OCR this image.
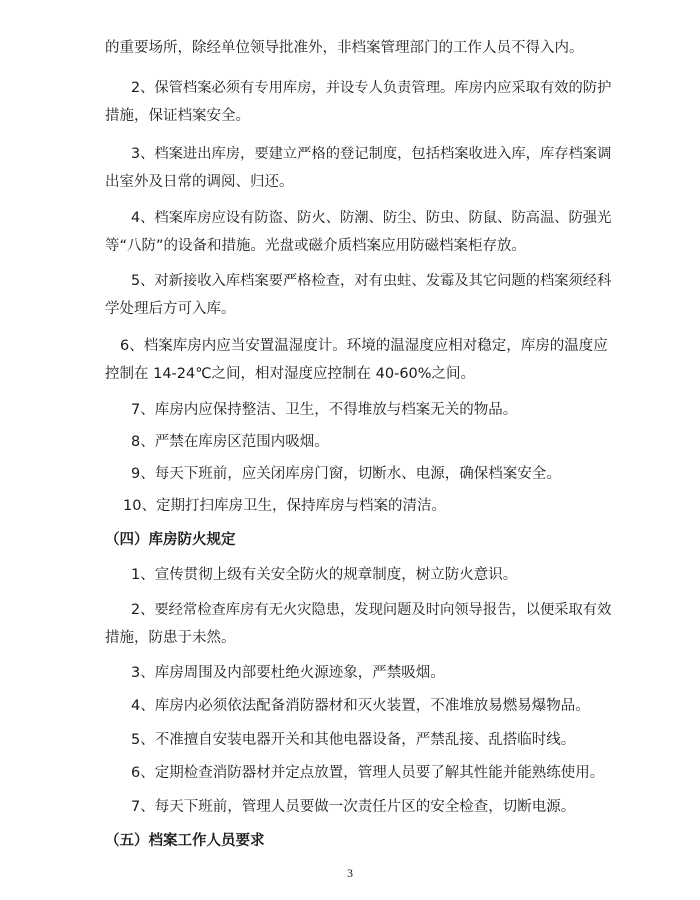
的重要场所，除经单位领导批准外，非档案管理部门的工作人员不得入内。

2、保管档案必须有专用库房，并设专人负责管理。库房内应采取有效的防护

措施，保证档案安全。

3、档案进出库房，要建立严格的登记制度，包括档案收进入库，库存档案调

出室外及日常的调阅、归还。

4、档案库房应设有防盗、防火、防潮、防尘、防虫、防鼠、防高温、防强光

等“八防”的设备和措施。光盘或磁介质档案应用防磁档案柜存放。

5、对新接收入库档案要严格检查，对有虫蛀、发霉及其它问题的档案须经科

学处理后方可入库。

6、档案库房内应当安置温湿度计。环境的温湿度应相对稳定，库房的温度应

控制在 14-24℃之间，相对湿度应控制在 40-60%之间。

7、库房内应保持整洁、卫生，不得堆放与档案无关的物品。

8、严禁在库房区范围内吸烟。

9、每天下班前，应关闭库房门窗，切断水、电源，确保档案安全。

10、定期打扫库房卫生，保持库房与档案的清洁。

（四）库房防火规定

1、宣传贯彻上级有关安全防火的规章制度，树立防火意识。

2、要经常检查库房有无火灾隐患，发现问题及时向领导报告，以便采取有效

措施，防患于未然。

3、库房周围及内部要杜绝火源迹象，严禁吸烟。

4、库房内必须依法配备消防器材和灭火装置，不准堆放易燃易爆物品。

5、不准擅自安装电器开关和其他电器设备，严禁乱接、乱搭临时线。

6、定期检查消防器材并定点放置，管理人员要了解其性能并能熟练使用。

7、每天下班前，管理人员要做一次责任片区的安全检查，切断电源。

（五）档案工作人员要求
3
